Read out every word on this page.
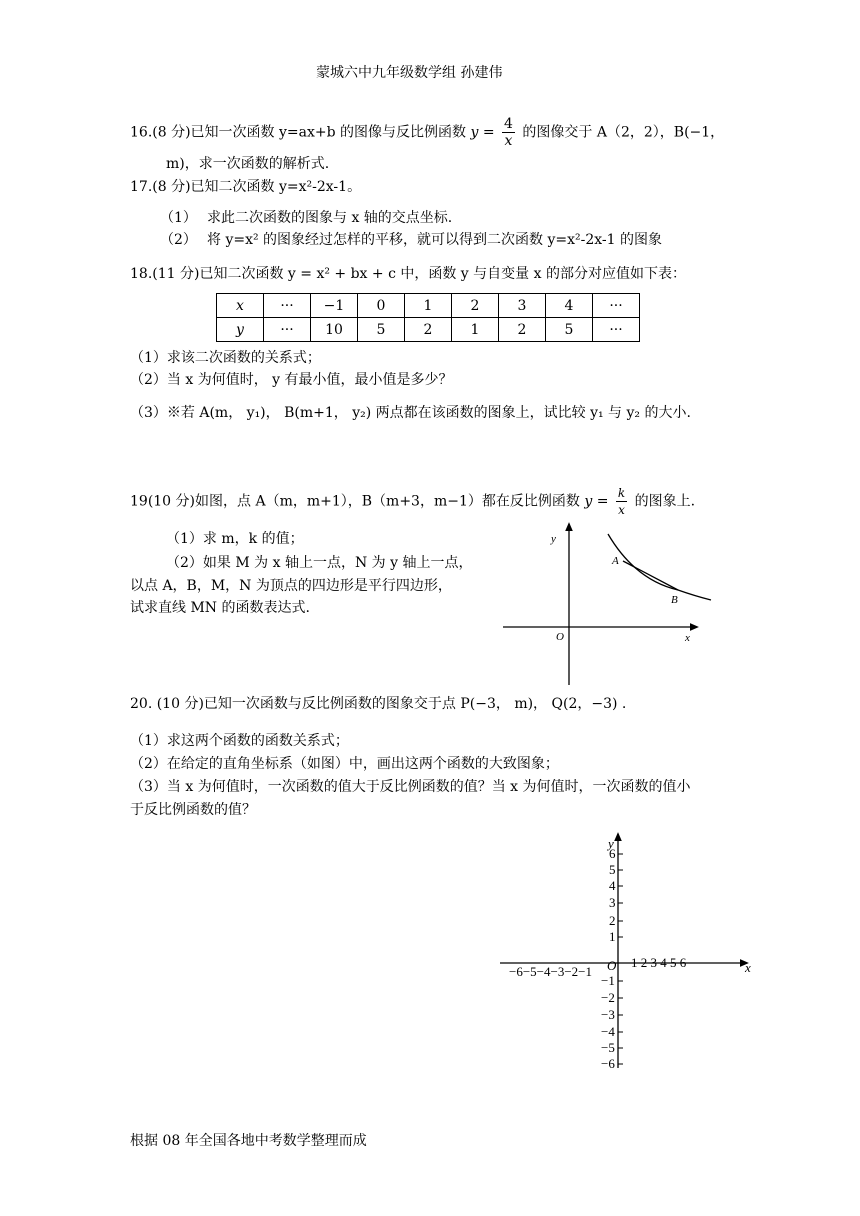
蒙城六中九年级数学组 孙建伟
16.(8 分)已知一次函数 y=ax+b 的图像与反比例函数 $y = \frac{4}{x}$ 的图像交于 A（2，2），B(−1，
m)，求一次函数的解析式.
17.(8 分)已知二次函数 y=x²-2x-1。
（1） 求此二次函数的图象与 x 轴的交点坐标.
（2） 将 y=x² 的图象经过怎样的平移，就可以得到二次函数 y=x²-2x-1 的图象
18.(11 分)已知二次函数 y = x² + bx + c 中，函数 y 与自变量 x 的部分对应值如下表：
x	···	−1	0	1	2	3	4	···
y	···	10	5	2	1	2	5	···
（1）求该二次函数的关系式；
（2）当 x 为何值时， y 有最小值，最小值是多少？
（3）※若 A(m， y₁)， B(m+1， y₂) 两点都在该函数的图象上，试比较 y₁ 与 y₂ 的大小.
19(10 分)如图，点 A（m，m+1），B（m+3，m−1）都在反比例函数 $y = \frac{k}{x}$ 的图象上.
（1）求 m，k 的值；
（2）如果 M 为 x 轴上一点，N 为 y 轴上一点，
以点 A，B，M，N 为顶点的四边形是平行四边形，
试求直线 MN 的函数表达式.
y
x
O
A
B
20. (10 分)已知一次函数与反比例函数的图象交于点 P(−3， m)， Q(2，−3) .
（1）求这两个函数的函数关系式；
（2）在给定的直角坐标系（如图）中，画出这两个函数的大致图象；
（3）当 x 为何值时，一次函数的值大于反比例函数的值？当 x 为何值时，一次函数的值小
于反比例函数的值？
y
x
O
−6−5−4−3−2−1
1 2 3 4 5 6
6
5
4
3
2
1
−1
−2
−3
−4
−5
−6
根据 08 年全国各地中考数学整理而成
